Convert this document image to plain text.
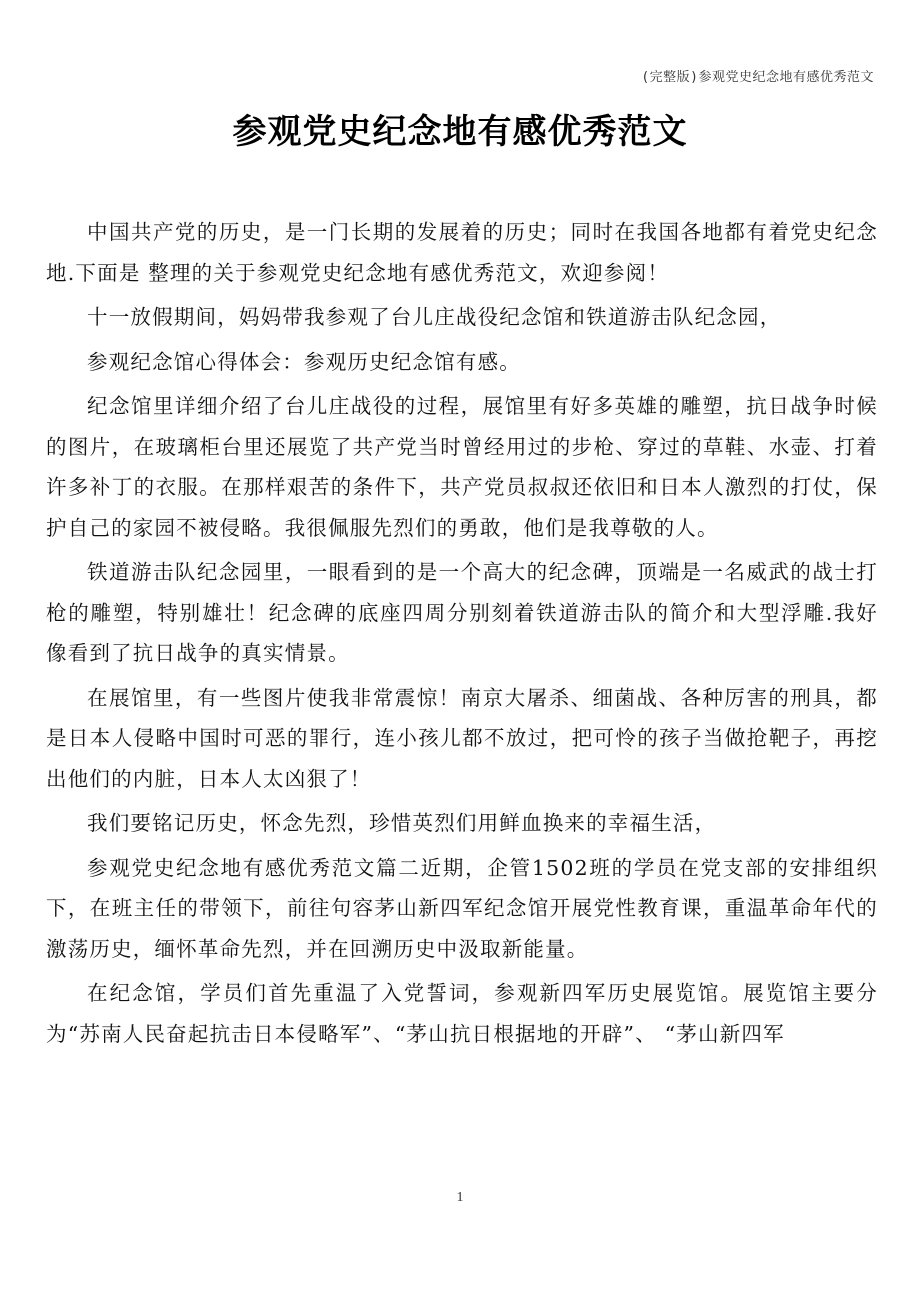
(完整版)参观党史纪念地有感优秀范文
参观党史纪念地有感优秀范文

中国共产党的历史，是一门长期的发展着的历史；同时在我国各地都有着党史纪念地.下面是 整理的关于参观党史纪念地有感优秀范文，欢迎参阅！

十一放假期间，妈妈带我参观了台儿庄战役纪念馆和铁道游击队纪念园，

参观纪念馆心得体会：参观历史纪念馆有感。

纪念馆里详细介绍了台儿庄战役的过程，展馆里有好多英雄的雕塑，抗日战争时候的图片，在玻璃柜台里还展览了共产党当时曾经用过的步枪、穿过的草鞋、水壶、打着许多补丁的衣服。在那样艰苦的条件下，共产党员叔叔还依旧和日本人激烈的打仗，保护自己的家园不被侵略。我很佩服先烈们的勇敢，他们是我尊敬的人。

铁道游击队纪念园里，一眼看到的是一个高大的纪念碑，顶端是一名威武的战士打枪的雕塑，特别雄壮！纪念碑的底座四周分别刻着铁道游击队的简介和大型浮雕.我好像看到了抗日战争的真实情景。

在展馆里，有一些图片使我非常震惊！南京大屠杀、细菌战、各种厉害的刑具，都是日本人侵略中国时可恶的罪行，连小孩儿都不放过，把可怜的孩子当做抢靶子，再挖出他们的内脏，日本人太凶狠了！

我们要铭记历史，怀念先烈，珍惜英烈们用鲜血换来的幸福生活，

参观党史纪念地有感优秀范文篇二近期，企管1502班的学员在党支部的安排组织下，在班主任的带领下，前往句容茅山新四军纪念馆开展党性教育课，重温革命年代的激荡历史，缅怀革命先烈，并在回溯历史中汲取新能量。

在纪念馆，学员们首先重温了入党誓词，参观新四军历史展览馆。展览馆主要分为“苏南人民奋起抗击日本侵略军”、“茅山抗日根据地的开辟”、 “茅山新四军

1
